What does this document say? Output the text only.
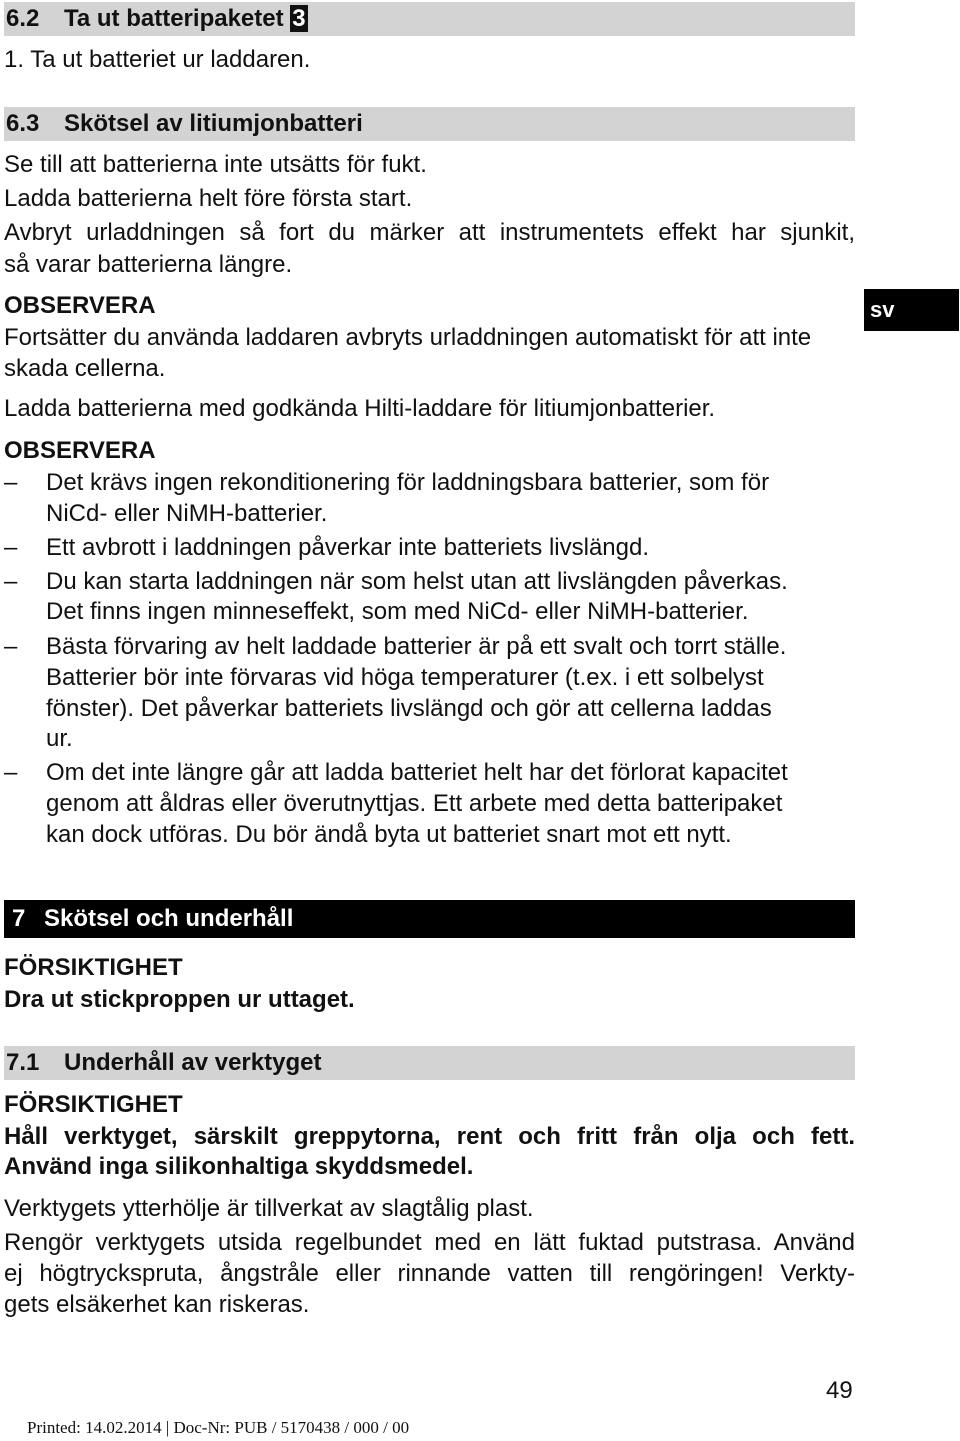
6.2 Ta ut batteripaketet 3
1. Ta ut batteriet ur laddaren.
6.3 Skötsel av litiumjonbatteri
Se till att batterierna inte utsätts för fukt.
Ladda batterierna helt före första start.
Avbryt urladdningen så fort du märker att instrumentets effekt har sjunkit,
så varar batterierna längre.
OBSERVERA
Fortsätter du använda laddaren avbryts urladdningen automatiskt för att inte
skada cellerna.
Ladda batterierna med godkända Hilti-laddare för litiumjonbatterier.
OBSERVERA
– Det krävs ingen rekonditionering för laddningsbara batterier, som för
NiCd- eller NiMH-batterier.
– Ett avbrott i laddningen påverkar inte batteriets livslängd.
– Du kan starta laddningen när som helst utan att livslängden påverkas.
Det finns ingen minneseffekt, som med NiCd- eller NiMH-batterier.
– Bästa förvaring av helt laddade batterier är på ett svalt och torrt ställe.
Batterier bör inte förvaras vid höga temperaturer (t.ex. i ett solbelyst
fönster). Det påverkar batteriets livslängd och gör att cellerna laddas
ur.
– Om det inte längre går att ladda batteriet helt har det förlorat kapacitet
genom att åldras eller överutnyttjas. Ett arbete med detta batteripaket
kan dock utföras. Du bör ändå byta ut batteriet snart mot ett nytt.
7 Skötsel och underhåll
FÖRSIKTIGHET
Dra ut stickproppen ur uttaget.
7.1 Underhåll av verktyget
FÖRSIKTIGHET
Håll verktyget, särskilt greppytorna, rent och fritt från olja och fett.
Använd inga silikonhaltiga skyddsmedel.
Verktygets ytterhölje är tillverkat av slagtålig plast.
Rengör verktygets utsida regelbundet med en lätt fuktad putstrasa. Använd
ej högtryckspruta, ångstråle eller rinnande vatten till rengöringen! Verkty-
gets elsäkerhet kan riskeras.
sv
49
Printed: 14.02.2014 | Doc-Nr: PUB / 5170438 / 000 / 00
